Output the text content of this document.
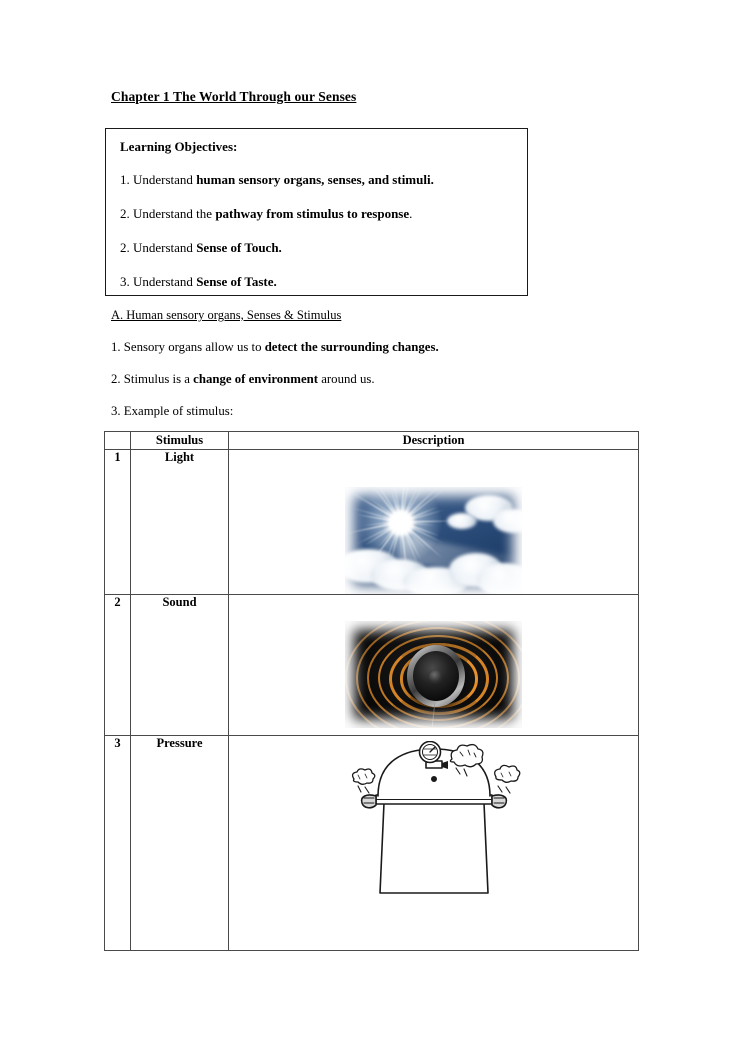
Chapter 1 The World Through our Senses
Learning Objectives:
1. Understand human sensory organs, senses, and stimuli.
2. Understand the pathway from stimulus to response.
2. Understand Sense of Touch.
3. Understand Sense of Taste.
A. Human sensory organs, Senses & Stimulus
1. Sensory organs allow us to detect the surrounding changes.
2. Stimulus is a change of environment around us.
3. Example of stimulus:
	Stimulus	Description
1	Light	

2	Sound	

3	Pressure	
